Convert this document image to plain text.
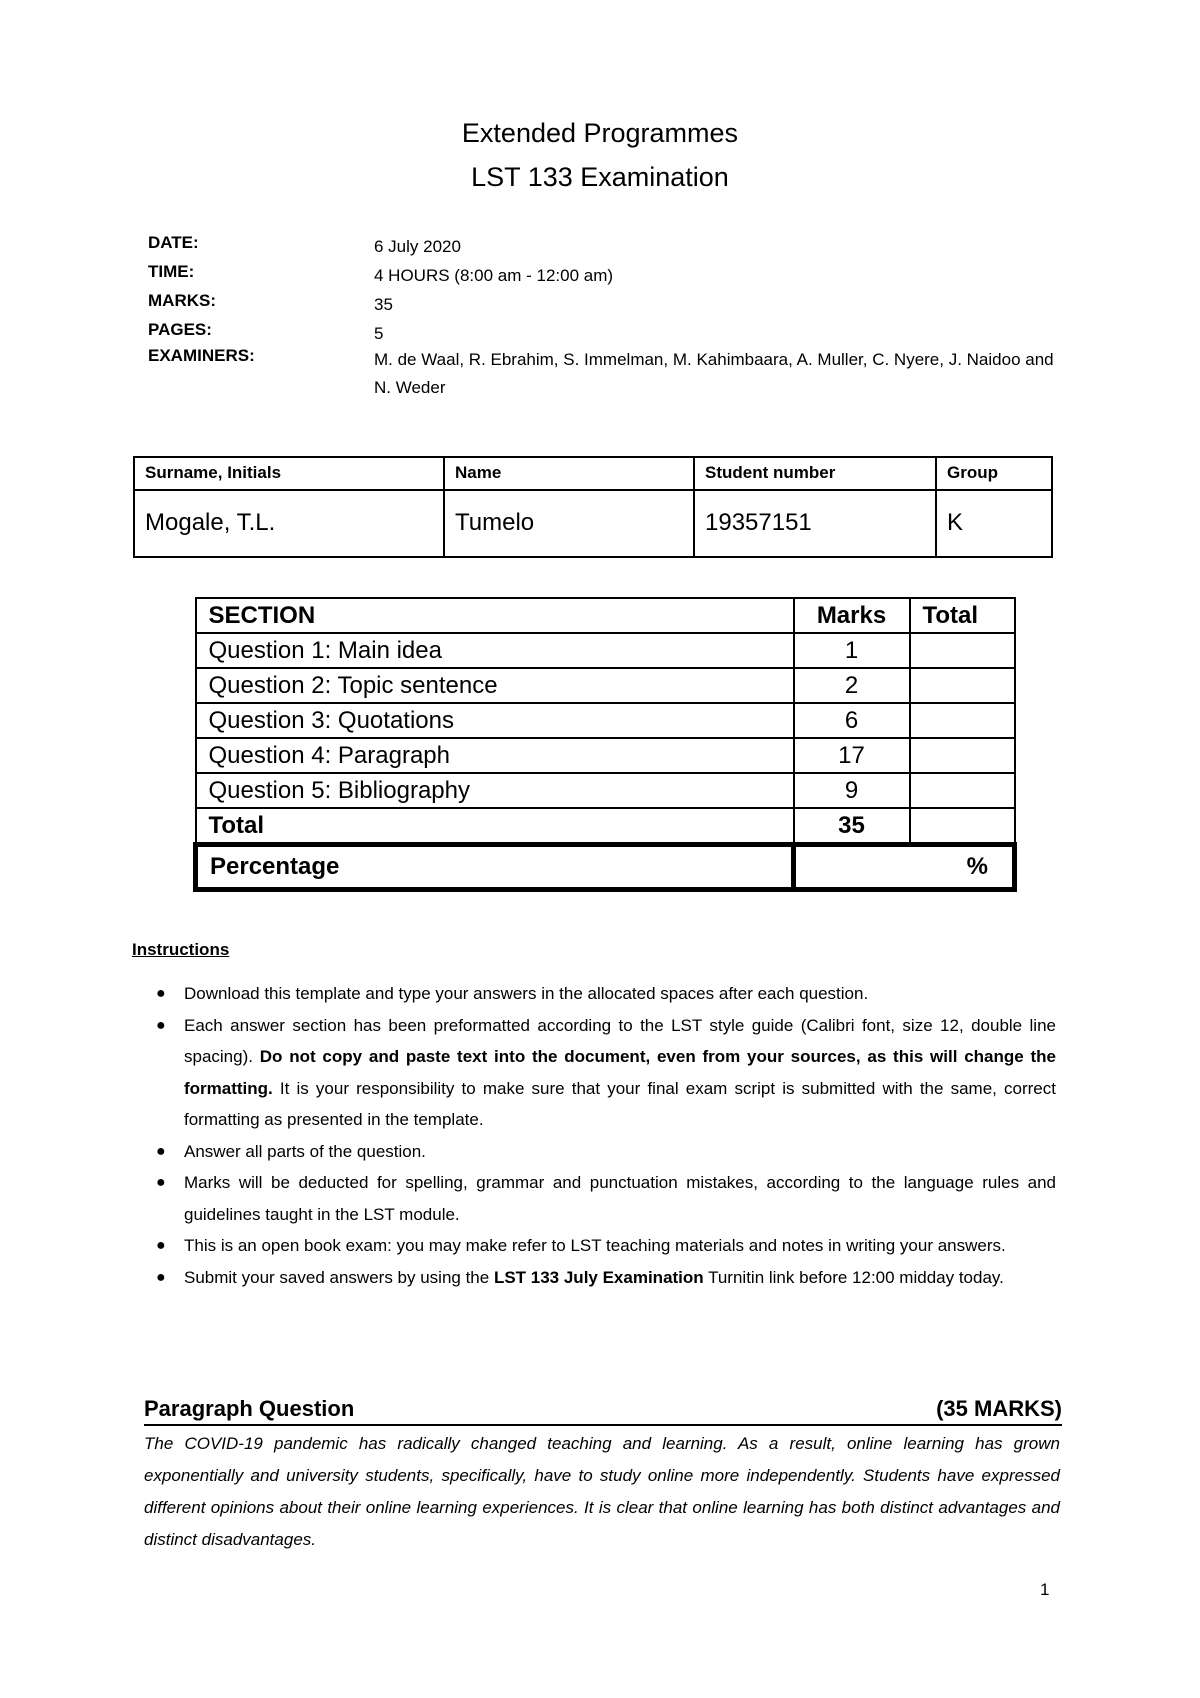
Extended Programmes
LST 133 Examination
DATE:	6 July 2020
TIME:	4 HOURS (8:00 am - 12:00 am)
MARKS:	35
PAGES:	5
EXAMINERS:	M. de Waal, R. Ebrahim, S. Immelman, M. Kahimbaara, A. Muller, C. Nyere, J. Naidoo and N. Weder
Surname, Initials	Name	Student number	Group
Mogale, T.L.	Tumelo	19357151	K
SECTION	Marks	Total
Question 1: Main idea	1	
Question 2: Topic sentence	2	
Question 3: Quotations	6	
Question 4: Paragraph	17	
Question 5: Bibliography	9	
Total	35	
Percentage	%	
Instructions
● Download this template and type your answers in the allocated spaces after each question.
● Each answer section has been preformatted according to the LST style guide (Calibri font, size 12, double line spacing). Do not copy and paste text into the document, even from your sources, as this will change the formatting. It is your responsibility to make sure that your final exam script is submitted with the same, correct formatting as presented in the template.
● Answer all parts of the question.
● Marks will be deducted for spelling, grammar and punctuation mistakes, according to the language rules and guidelines taught in the LST module.
● This is an open book exam: you may make refer to LST teaching materials and notes in writing your answers.
● Submit your saved answers by using the LST 133 July Examination Turnitin link before 12:00 midday today.
Paragraph Question	(35 MARKS)
The COVID-19 pandemic has radically changed teaching and learning. As a result, online learning has grown exponentially and university students, specifically, have to study online more independently. Students have expressed different opinions about their online learning experiences. It is clear that online learning has both distinct advantages and distinct disadvantages.
1
